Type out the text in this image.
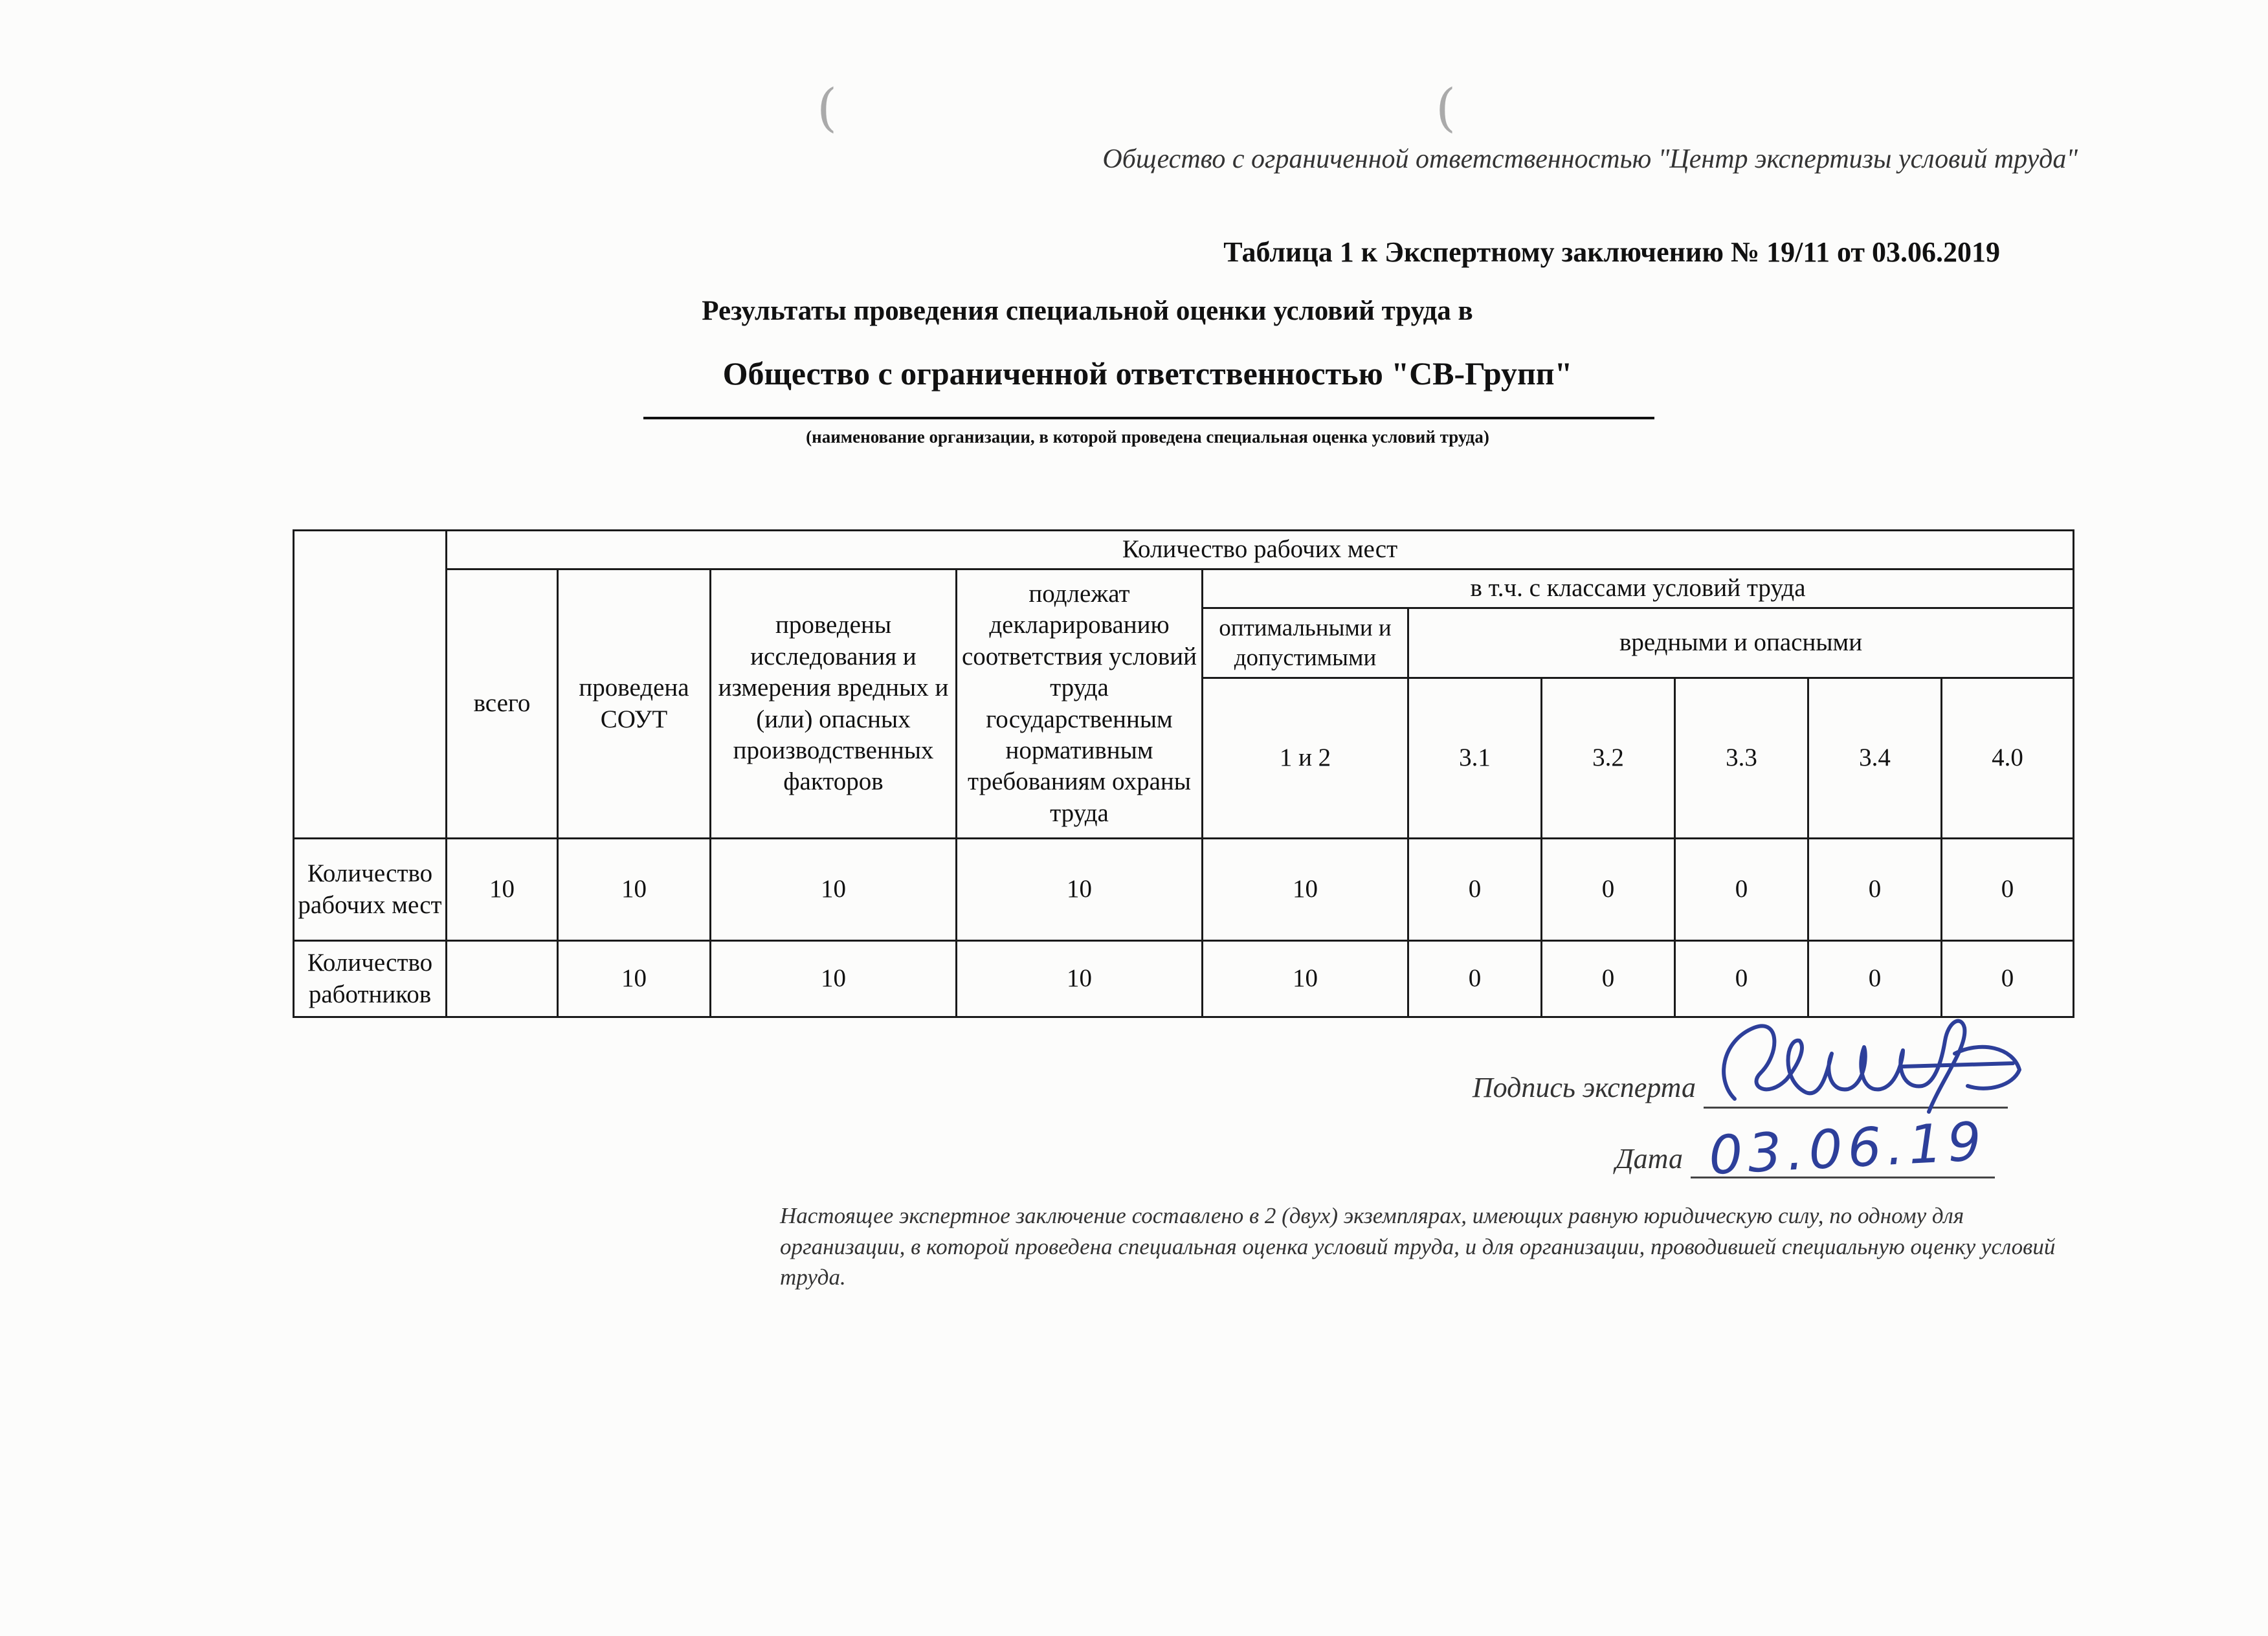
(	(
Общество с ограниченной ответственностью "Центр экспертизы условий труда"
Таблица 1 к Экспертному заключению № 19/11 от 03.06.2019
Результаты проведения специальной оценки условий труда в
Общество с ограниченной ответственностью "СВ-Групп"
(наименование организации, в которой проведена специальная оценка условий труда)
	Количество рабочих мест									
	всего	проведена СОУТ	проведены исследования и измерения вредных и (или) опасных производственных факторов	подлежат декларированию соответствия условий труда государственным нормативным требованиям охраны труда	в т.ч. с классами условий труда					
					оптимальными и допустимыми	вредными и опасными				
					1 и 2	3.1	3.2	3.3	3.4	4.0
Количество рабочих мест	10	10	10	10	10	0	0	0	0	0
Количество работников		10	10	10	10	0	0	0	0	0
Подпись эксперта
Дата 03.06.19
Настоящее экспертное заключение составлено в 2 (двух) экземплярах, имеющих равную юридическую силу, по одному для организации, в которой проведена специальная оценка условий труда, и для организации, проводившей специальную оценку условий труда.
